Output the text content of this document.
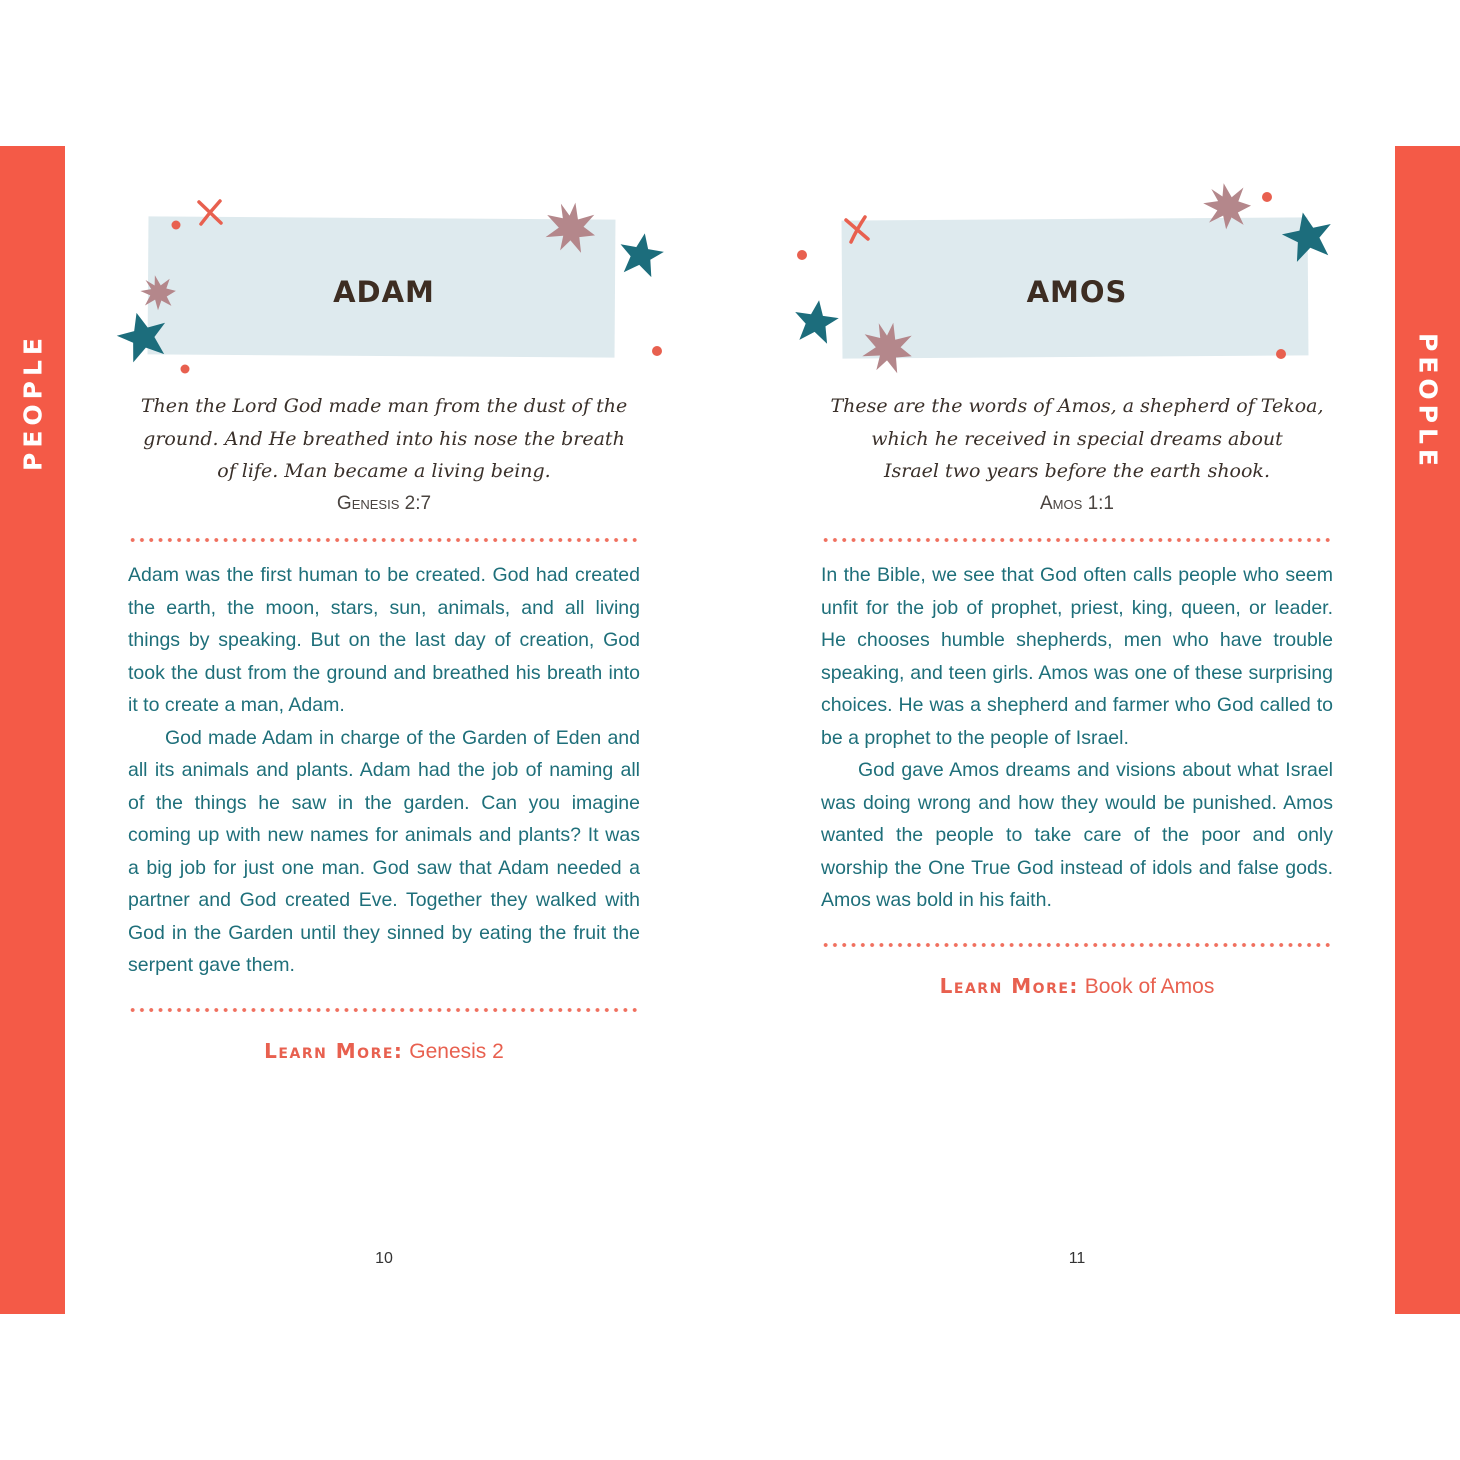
PEOPLE	PEOPLE
ADAM
Then the Lord God made man from the dust of the
ground. And He breathed into his nose the breath
of life. Man became a living being.
Genesis 2:7

Adam was the first human to be created. God had created the earth, the moon, stars, sun, animals, and all living things by speaking. But on the last day of creation, God took the dust from the ground and breathed his breath into it to create a man, Adam.

God made Adam in charge of the Garden of Eden and all its animals and plants. Adam had the job of naming all of the things he saw in the garden. Can you imagine coming up with new names for animals and plants? It was a big job for just one man. God saw that Adam needed a partner and God created Eve. Together they walked with God in the Garden until they sinned by eating the fruit the serpent gave them.

Learn More: Genesis 2
10
AMOS
These are the words of Amos, a shepherd of Tekoa,
which he received in special dreams about
Israel two years before the earth shook.
Amos 1:1

In the Bible, we see that God often calls people who seem unfit for the job of prophet, priest, king, queen, or leader. He chooses humble shepherds, men who have trouble speaking, and teen girls. Amos was one of these surprising choices. He was a shepherd and farmer who God called to be a prophet to the people of Israel.

God gave Amos dreams and visions about what Israel was doing wrong and how they would be punished. Amos wanted the people to take care of the poor and only worship the One True God instead of idols and false gods. Amos was bold in his faith.

Learn More: Book of Amos
11
